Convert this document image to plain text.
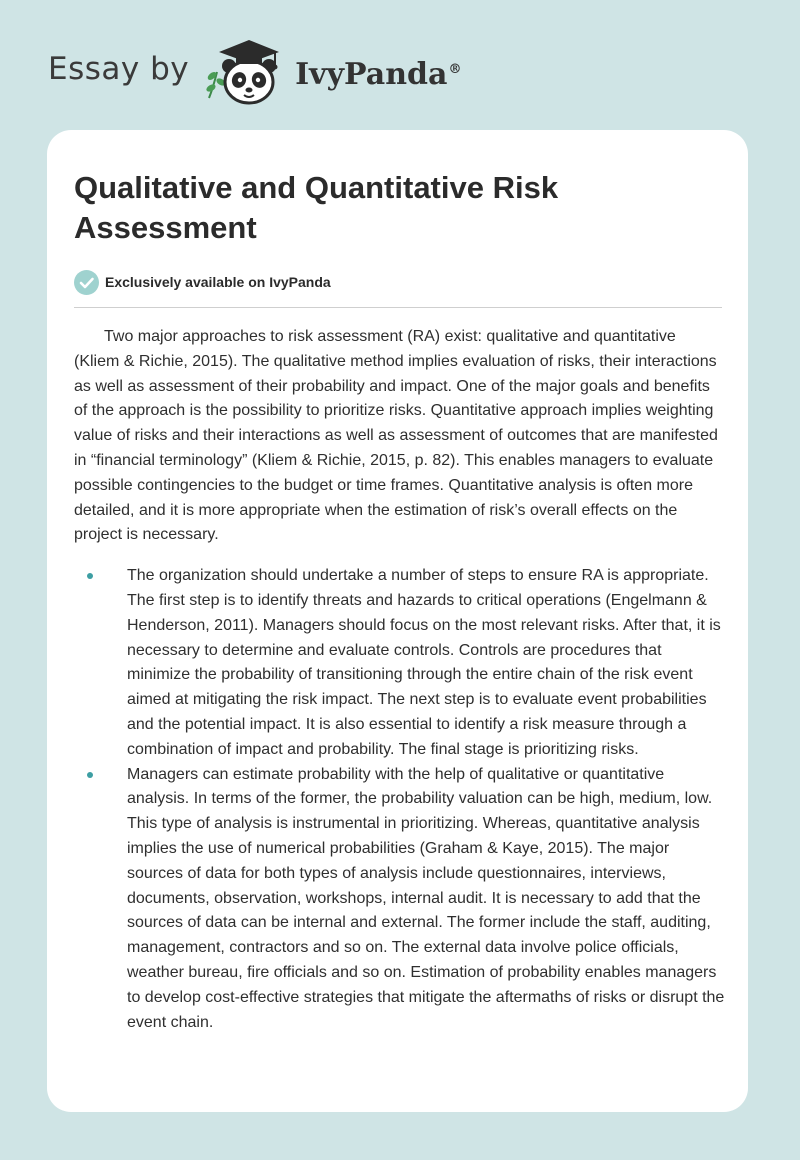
Essay by	IvyPanda®
Qualitative and Quantitative Risk Assessment
Exclusively available on IvyPanda

Two major approaches to risk assessment (RA) exist: qualitative and quantitative (Kliem & Richie, 2015). The qualitative method implies evaluation of risks, their interactions as well as assessment of their probability and impact. One of the major goals and benefits of the approach is the possibility to prioritize risks. Quantitative approach implies weighting value of risks and their interactions as well as assessment of outcomes that are manifested in “financial terminology” (Kliem & Richie, 2015, p. 82). This enables managers to evaluate possible contingencies to the budget or time frames. Quantitative analysis is often more detailed, and it is more appropriate when the estimation of risk’s overall effects on the project is necessary.

The organization should undertake a number of steps to ensure RA is appropriate. The first step is to identify threats and hazards to critical operations (Engelmann & Henderson, 2011). Managers should focus on the most relevant risks. After that, it is necessary to determine and evaluate controls. Controls are procedures that minimize the probability of transitioning through the entire chain of the risk event aimed at mitigating the risk impact. The next step is to evaluate event probabilities and the potential impact. It is also essential to identify a risk measure through a combination of impact and probability. The final stage is prioritizing risks.
Managers can estimate probability with the help of qualitative or quantitative analysis. In terms of the former, the probability valuation can be high, medium, low. This type of analysis is instrumental in prioritizing. Whereas, quantitative analysis implies the use of numerical probabilities (Graham & Kaye, 2015). The major sources of data for both types of analysis include questionnaires, interviews, documents, observation, workshops, internal audit. It is necessary to add that the sources of data can be internal and external. The former include the staff, auditing, management, contractors and so on. The external data involve police officials, weather bureau, fire officials and so on. Estimation of probability enables managers to develop cost-effective strategies that mitigate the aftermaths of risks or disrupt the event chain.
